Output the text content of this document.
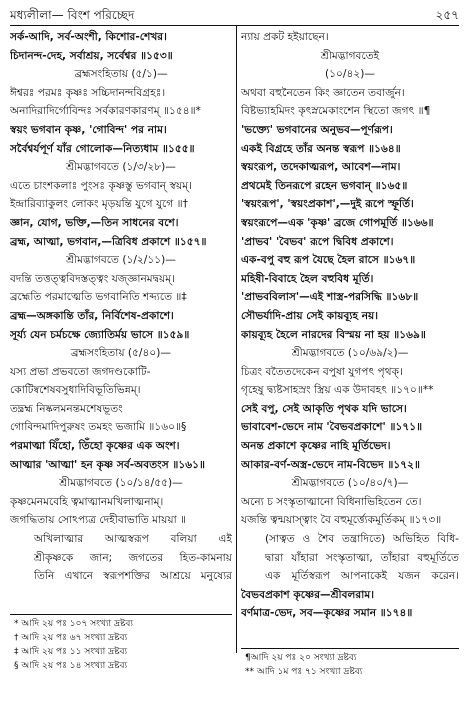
মধ্যলীলা— বিংশ পরিচ্ছেদ	২৫৭
সর্ক-আদি, সর্ব-অংশী, কিশোর-শেখর।
চিদানন্দ-দেহ, সর্বাশ্রয়, সর্বেশ্বর ॥১৫৩॥
ব্রহ্মসংহিতায় (৫/১)—
ঈশ্বরঃ পরমঃ কৃষ্ণঃ সচ্চিদানন্দবিগ্রহঃ।
অনাদিরাদির্গোবিন্দঃ সর্বকারণকারণম্ ॥১৫৪॥*
স্বয়ং ভগবান কৃষ্ণ, 'গোবিন্দ' পর নাম।
সর্বৈশ্বর্যপূর্ণ যাঁর গোলোক—নিত্যধাম ॥১৫৫॥
শ্রীমদ্ভাগবতে (১/৩/২৮)—
এতে চাংশকলাঃ পুংসঃ কৃষ্ণস্তু ভগবান্ স্বয়ম্।
ইন্দ্রারিব্যাকুলং লোকং মৃড়য়ন্তি যুগে যুগে ॥†
জ্ঞান, যোগ, ভক্তি,—তিন সাধনের বশে।
ব্রহ্ম, আত্মা, ভগবান,—ত্রিবিধ প্রকাশে ॥১৫৭॥
শ্রীমদ্ভাগবতে (১/২/১১)—
বদন্তি তত্তত্ত্ববিদস্তত্ত্বং যজ্জ্ঞানমদ্বয়ম্।
ব্রহ্মেতি পরমাত্মেতি ভগবানিতি শব্দ্যতে ॥‡
ব্রহ্ম—অঙ্গকান্তি তাঁর, নির্বিশেষ-প্রকাশে।
সূর্য্য যেন চর্মচক্ষে জ্যোতির্ময় ভাসে ॥১৫৯॥
ব্রহ্মসংহিতায় (৫/৪০)—
যস্য প্রভা প্রভবতো জগদণ্ডকোটি-
কোটিষ্বশেষবসুধাদিবিভূতিভিন্নম্।
তদ্ব্রহ্ম নিষ্কলমনন্তমশেষভূতং
গোবিন্দমাদিপুরুষং তমহং ভজামি ॥১৬০॥§
পরমাত্মা যিঁহো, তিঁহো কৃষ্ণের এক অংশ।
আত্মার 'আত্মা' হন কৃষ্ণ সর্ব-অবতংস ॥১৬১॥
শ্রীমদ্ভাগবতে (১০/১৪/৫৫)—
কৃষ্ণমেনমবেহি ত্বমাত্মানমখিলাত্মনাম্।
জগদ্ধিতায় সোঽপ্যত্র দেহীবাভাতি মায়য়া ॥
অখিলাত্মার আত্মস্বরূপ বলিয়া এই
শ্রীকৃষ্ণকে জান; জগতের হিত-কামনায়
তিনি এখানে স্বরূপশক্তির আশ্রয়ে মনুষ্যের
ন্যায় প্রকট হইয়াছেন।
শ্রীমদ্ভাগবতেই
(১০/৪২)—
অথবা বহুনৈতেন কিং জ্ঞাতেন তবার্জুন।
বিষ্টভ্যাহমিদং কৃৎস্নমেকাংশেন স্থিতো জগৎ ॥¶
'ভক্ত্যে' ভগবানের অনুভব—পূর্ণরূপ।
একই বিগ্রহে তাঁর অনন্ত স্বরূপ ॥১৬৪॥
স্বয়ংরূপ, তদেকাত্মরূপ, আবেশ—নাম।
প্রথমেই তিনরূপে রহেন ভগবান্ ॥১৬৫॥
'স্বয়ংরূপ', 'স্বয়ংপ্রকাশ',—দুই রূপে স্ফূর্তি।
স্বয়ংরূপে—এক 'কৃষ্ণ' ব্রজে গোপমূর্তি ॥১৬৬॥
'প্রাভব' 'বৈভব' রূপে দ্বিবিধ প্রকাশে।
এক-বপু বহু রূপ যৈছে হৈল রাসে ॥১৬৭॥
মহিষী-বিবাহে হৈল বহুবিধ মূর্তি।
'প্রাভববিলাস'—এই শাস্ত্র-পরসিদ্ধি ॥১৬৮॥
সৌভর্যাদি-প্রায় সেই কায়ব্যূহ নয়।
কায়ব্যূহ হৈলে নারদের বিস্ময় না হয় ॥১৬৯॥
শ্রীমদ্ভাগবতে (১০/৬৯/২)—
চিত্রং বতৈতদেকেন বপুষা যুগপৎ পৃথক্।
গৃহেষু দ্ব্যষ্টসাহস্রং স্ত্রিয় এক উদাবহৎ ॥১৭০॥**
সেই বপু, সেই আকৃতি পৃথক যদি ভাসে।
ভাবাবেশ-ভেদে নাম 'বৈভবপ্রকাশে' ॥১৭১॥
অনন্ত প্রকাশে কৃষ্ণের নাহি মূর্তিভেদ।
আকার-বর্ণ-অস্ত্র-ভেদে নাম-বিভেদ ॥১৭২॥
শ্রীমদ্ভাগবতে (১০/৪০/৭)—
অন্যে চ সংস্কৃতাত্মানো বিধিনাভিহিতেন তে।
যজন্তি ত্বন্ময়াস্ত্বাং বৈ বহুমূর্ত্ত্যেকমূর্তিকম্ ॥১৭৩॥
(সাত্বত ও শৈব তন্ত্রাদিতে) অভিহিত বিধি-
দ্বারা যাঁহারা সংস্কৃতাত্মা, তাঁহারা বহুমূর্তিতে
এক মূর্তিস্বরূপ আপনাকেই যজন করেন।
বৈভবপ্রকাশ কৃষ্ণের—শ্রীবলরাম।
বর্ণমাত্র-ভেদ, সব—কৃষ্ণের সমান ॥১৭৪॥
* আদি ২য় পঃ ১০৭ সংখ্যা দ্রষ্টব্য
† আদি ২য় পঃ ৬৭ সংখ্যা দ্রষ্টব্য
‡ আদি ২য় পঃ ১১ সংখ্যা দ্রষ্টব্য
§ আদি ২য় পঃ ১৪ সংখ্যা দ্রষ্টব্য
¶আদি ২য় পঃ ২০ সংখ্যা দ্রষ্টব্য
** আদি ১ম পঃ ৭১ সংখ্যা দ্রষ্টব্য
